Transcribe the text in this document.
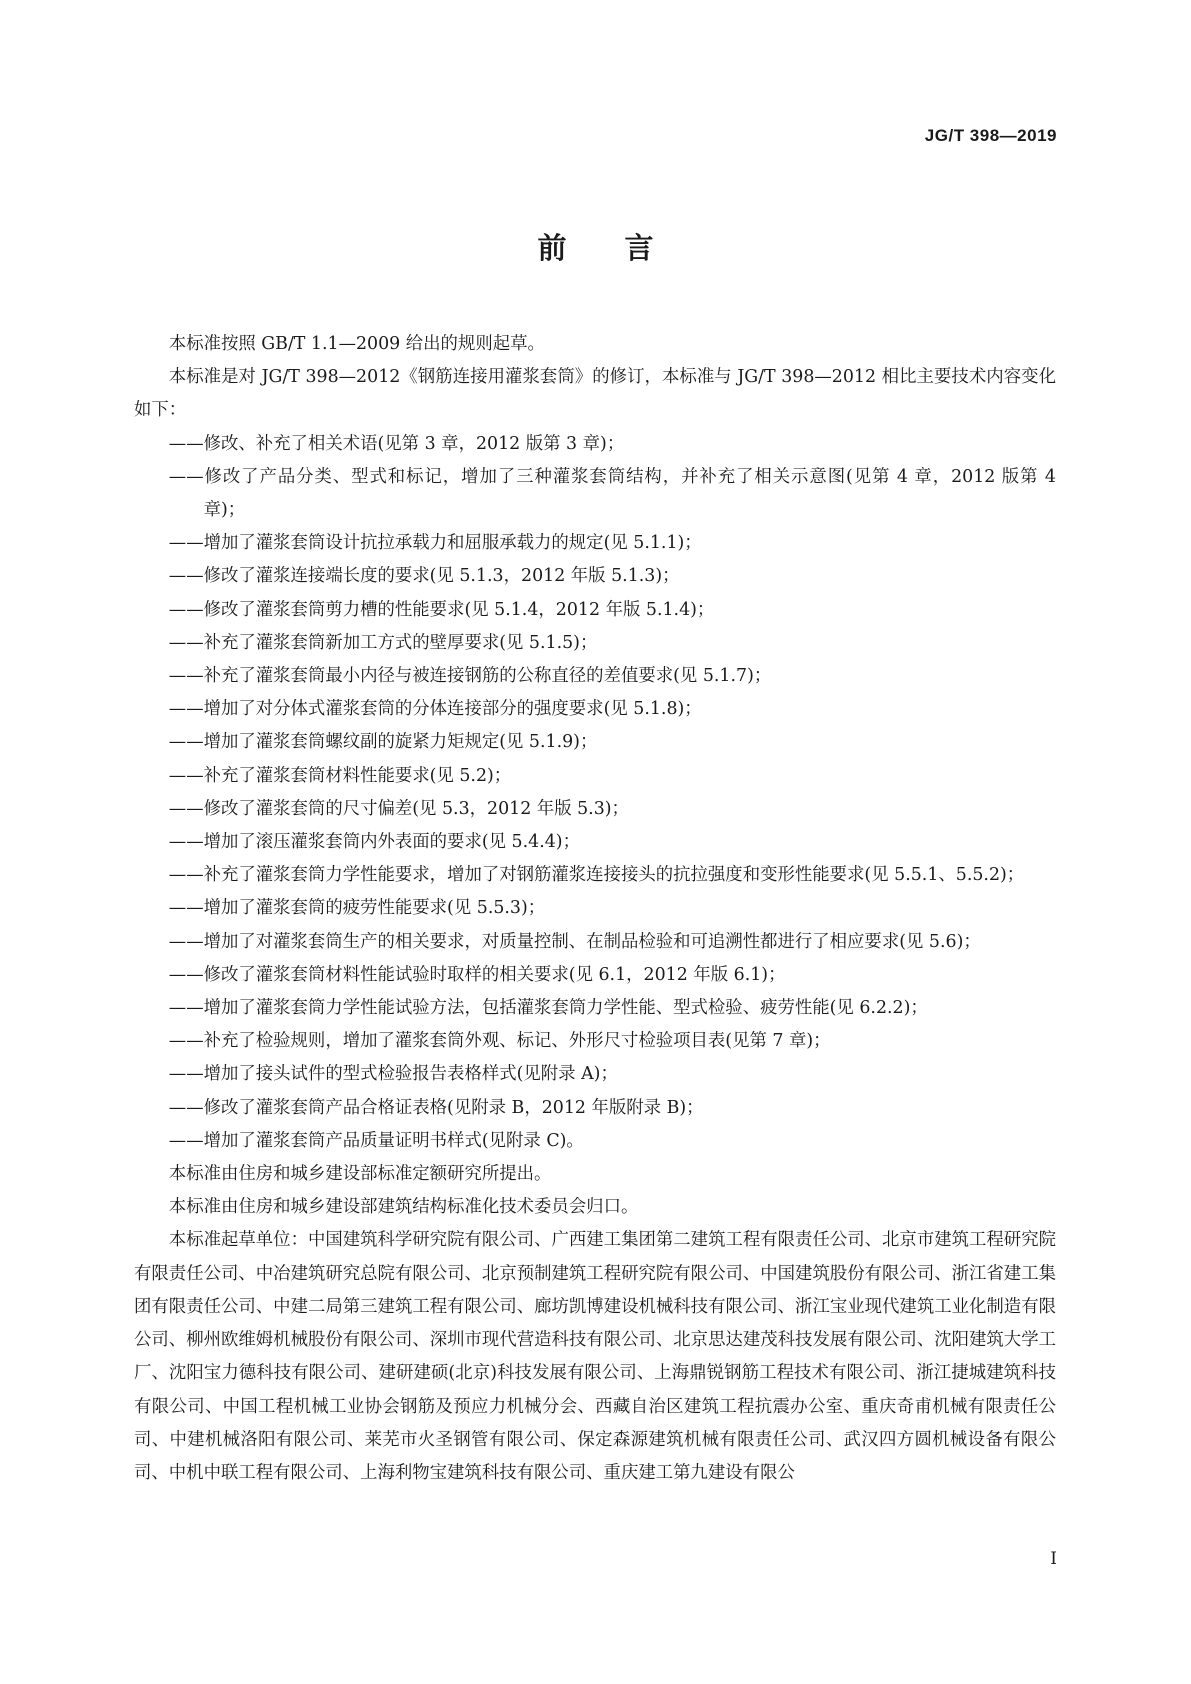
JG/T 398—2019
前言

本标准按照 GB/T 1.1—2009 给出的规则起草。

本标准是对 JG/T 398—2012《钢筋连接用灌浆套筒》的修订，本标准与 JG/T 398—2012 相比主要技术内容变化如下：

——修改、补充了相关术语(见第 3 章，2012 版第 3 章)；

——修改了产品分类、型式和标记，增加了三种灌浆套筒结构，并补充了相关示意图(见第 4 章，2012 版第 4 章)；

——增加了灌浆套筒设计抗拉承载力和屈服承载力的规定(见 5.1.1)；

——修改了灌浆连接端长度的要求(见 5.1.3，2012 年版 5.1.3)；

——修改了灌浆套筒剪力槽的性能要求(见 5.1.4，2012 年版 5.1.4)；

——补充了灌浆套筒新加工方式的壁厚要求(见 5.1.5)；

——补充了灌浆套筒最小内径与被连接钢筋的公称直径的差值要求(见 5.1.7)；

——增加了对分体式灌浆套筒的分体连接部分的强度要求(见 5.1.8)；

——增加了灌浆套筒螺纹副的旋紧力矩规定(见 5.1.9)；

——补充了灌浆套筒材料性能要求(见 5.2)；

——修改了灌浆套筒的尺寸偏差(见 5.3，2012 年版 5.3)；

——增加了滚压灌浆套筒内外表面的要求(见 5.4.4)；

——补充了灌浆套筒力学性能要求，增加了对钢筋灌浆连接接头的抗拉强度和变形性能要求(见 5.5.1、5.5.2)；

——增加了灌浆套筒的疲劳性能要求(见 5.5.3)；

——增加了对灌浆套筒生产的相关要求，对质量控制、在制品检验和可追溯性都进行了相应要求(见 5.6)；

——修改了灌浆套筒材料性能试验时取样的相关要求(见 6.1，2012 年版 6.1)；

——增加了灌浆套筒力学性能试验方法，包括灌浆套筒力学性能、型式检验、疲劳性能(见 6.2.2)；

——补充了检验规则，增加了灌浆套筒外观、标记、外形尺寸检验项目表(见第 7 章)；

——增加了接头试件的型式检验报告表格样式(见附录 A)；

——修改了灌浆套筒产品合格证表格(见附录 B，2012 年版附录 B)；

——增加了灌浆套筒产品质量证明书样式(见附录 C)。

本标准由住房和城乡建设部标准定额研究所提出。

本标准由住房和城乡建设部建筑结构标准化技术委员会归口。

本标准起草单位：中国建筑科学研究院有限公司、广西建工集团第二建筑工程有限责任公司、北京市建筑工程研究院有限责任公司、中冶建筑研究总院有限公司、北京预制建筑工程研究院有限公司、中国建筑股份有限公司、浙江省建工集团有限责任公司、中建二局第三建筑工程有限公司、廊坊凯博建设机械科技有限公司、浙江宝业现代建筑工业化制造有限公司、柳州欧维姆机械股份有限公司、深圳市现代营造科技有限公司、北京思达建茂科技发展有限公司、沈阳建筑大学工厂、沈阳宝力德科技有限公司、建研建硕(北京)科技发展有限公司、上海鼎锐钢筋工程技术有限公司、浙江捷城建筑科技有限公司、中国工程机械工业协会钢筋及预应力机械分会、西藏自治区建筑工程抗震办公室、重庆奇甫机械有限责任公司、中建机械洛阳有限公司、莱芜市火圣钢管有限公司、保定森源建筑机械有限责任公司、武汉四方圆机械设备有限公司、中机中联工程有限公司、上海利物宝建筑科技有限公司、重庆建工第九建设有限公

I
